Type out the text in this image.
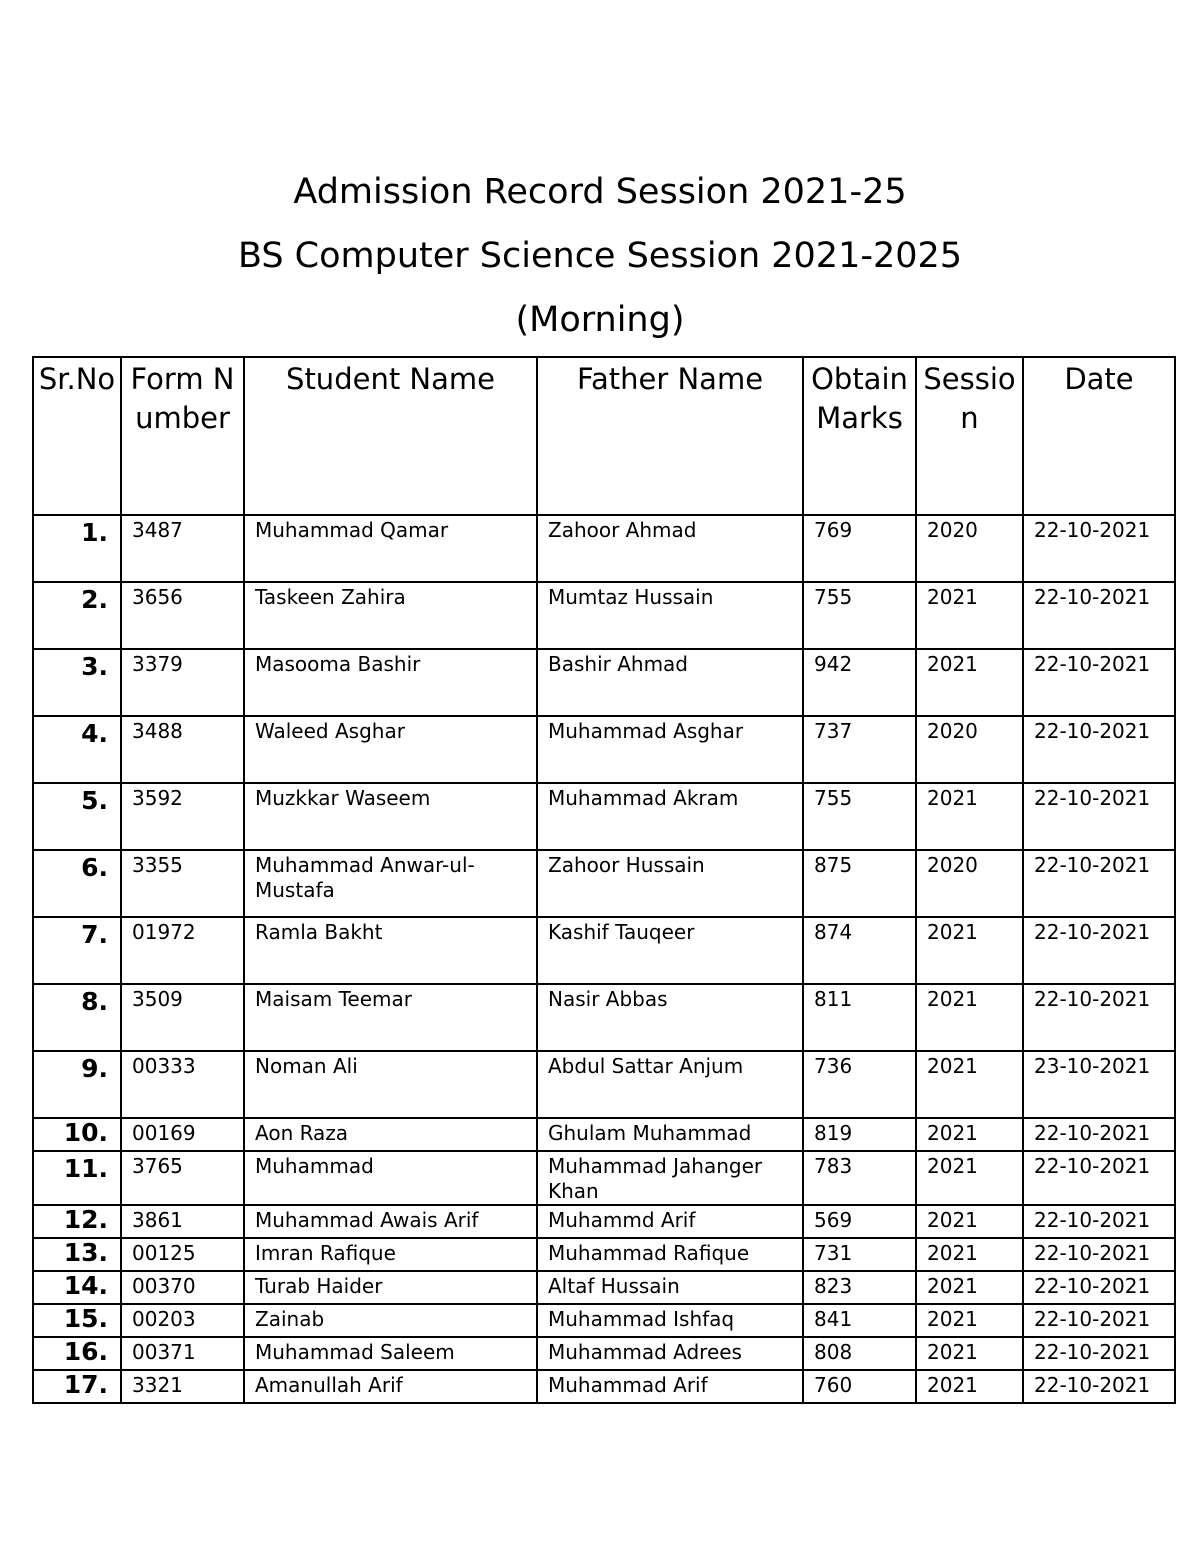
Admission Record Session 2021-25
BS Computer Science Session 2021-2025
(Morning)
Sr.No	Form Number	Student Name	Father Name	Obtain Marks	Session	Date
1.	3487	Muhammad Qamar	Zahoor Ahmad	769	2020	22-10-2021
2.	3656	Taskeen Zahira	Mumtaz Hussain	755	2021	22-10-2021
3.	3379	Masooma Bashir	Bashir Ahmad	942	2021	22-10-2021
4.	3488	Waleed Asghar	Muhammad Asghar	737	2020	22-10-2021
5.	3592	Muzkkar Waseem	Muhammad Akram	755	2021	22-10-2021
6.	3355	Muhammad Anwar-ul-Mustafa	Zahoor Hussain	875	2020	22-10-2021
7.	01972	Ramla Bakht	Kashif Tauqeer	874	2021	22-10-2021
8.	3509	Maisam Teemar	Nasir Abbas	811	2021	22-10-2021
9.	00333	Noman Ali	Abdul Sattar Anjum	736	2021	23-10-2021
10.	00169	Aon Raza	Ghulam Muhammad	819	2021	22-10-2021
11.	3765	Muhammad	Muhammad Jahanger Khan	783	2021	22-10-2021
12.	3861	Muhammad Awais Arif	Muhammd Arif	569	2021	22-10-2021
13.	00125	Imran Rafique	Muhammad Rafique	731	2021	22-10-2021
14.	00370	Turab Haider	Altaf Hussain	823	2021	22-10-2021
15.	00203	Zainab	Muhammad Ishfaq	841	2021	22-10-2021
16.	00371	Muhammad Saleem	Muhammad Adrees	808	2021	22-10-2021
17.	3321	Amanullah Arif	Muhammad Arif	760	2021	22-10-2021
